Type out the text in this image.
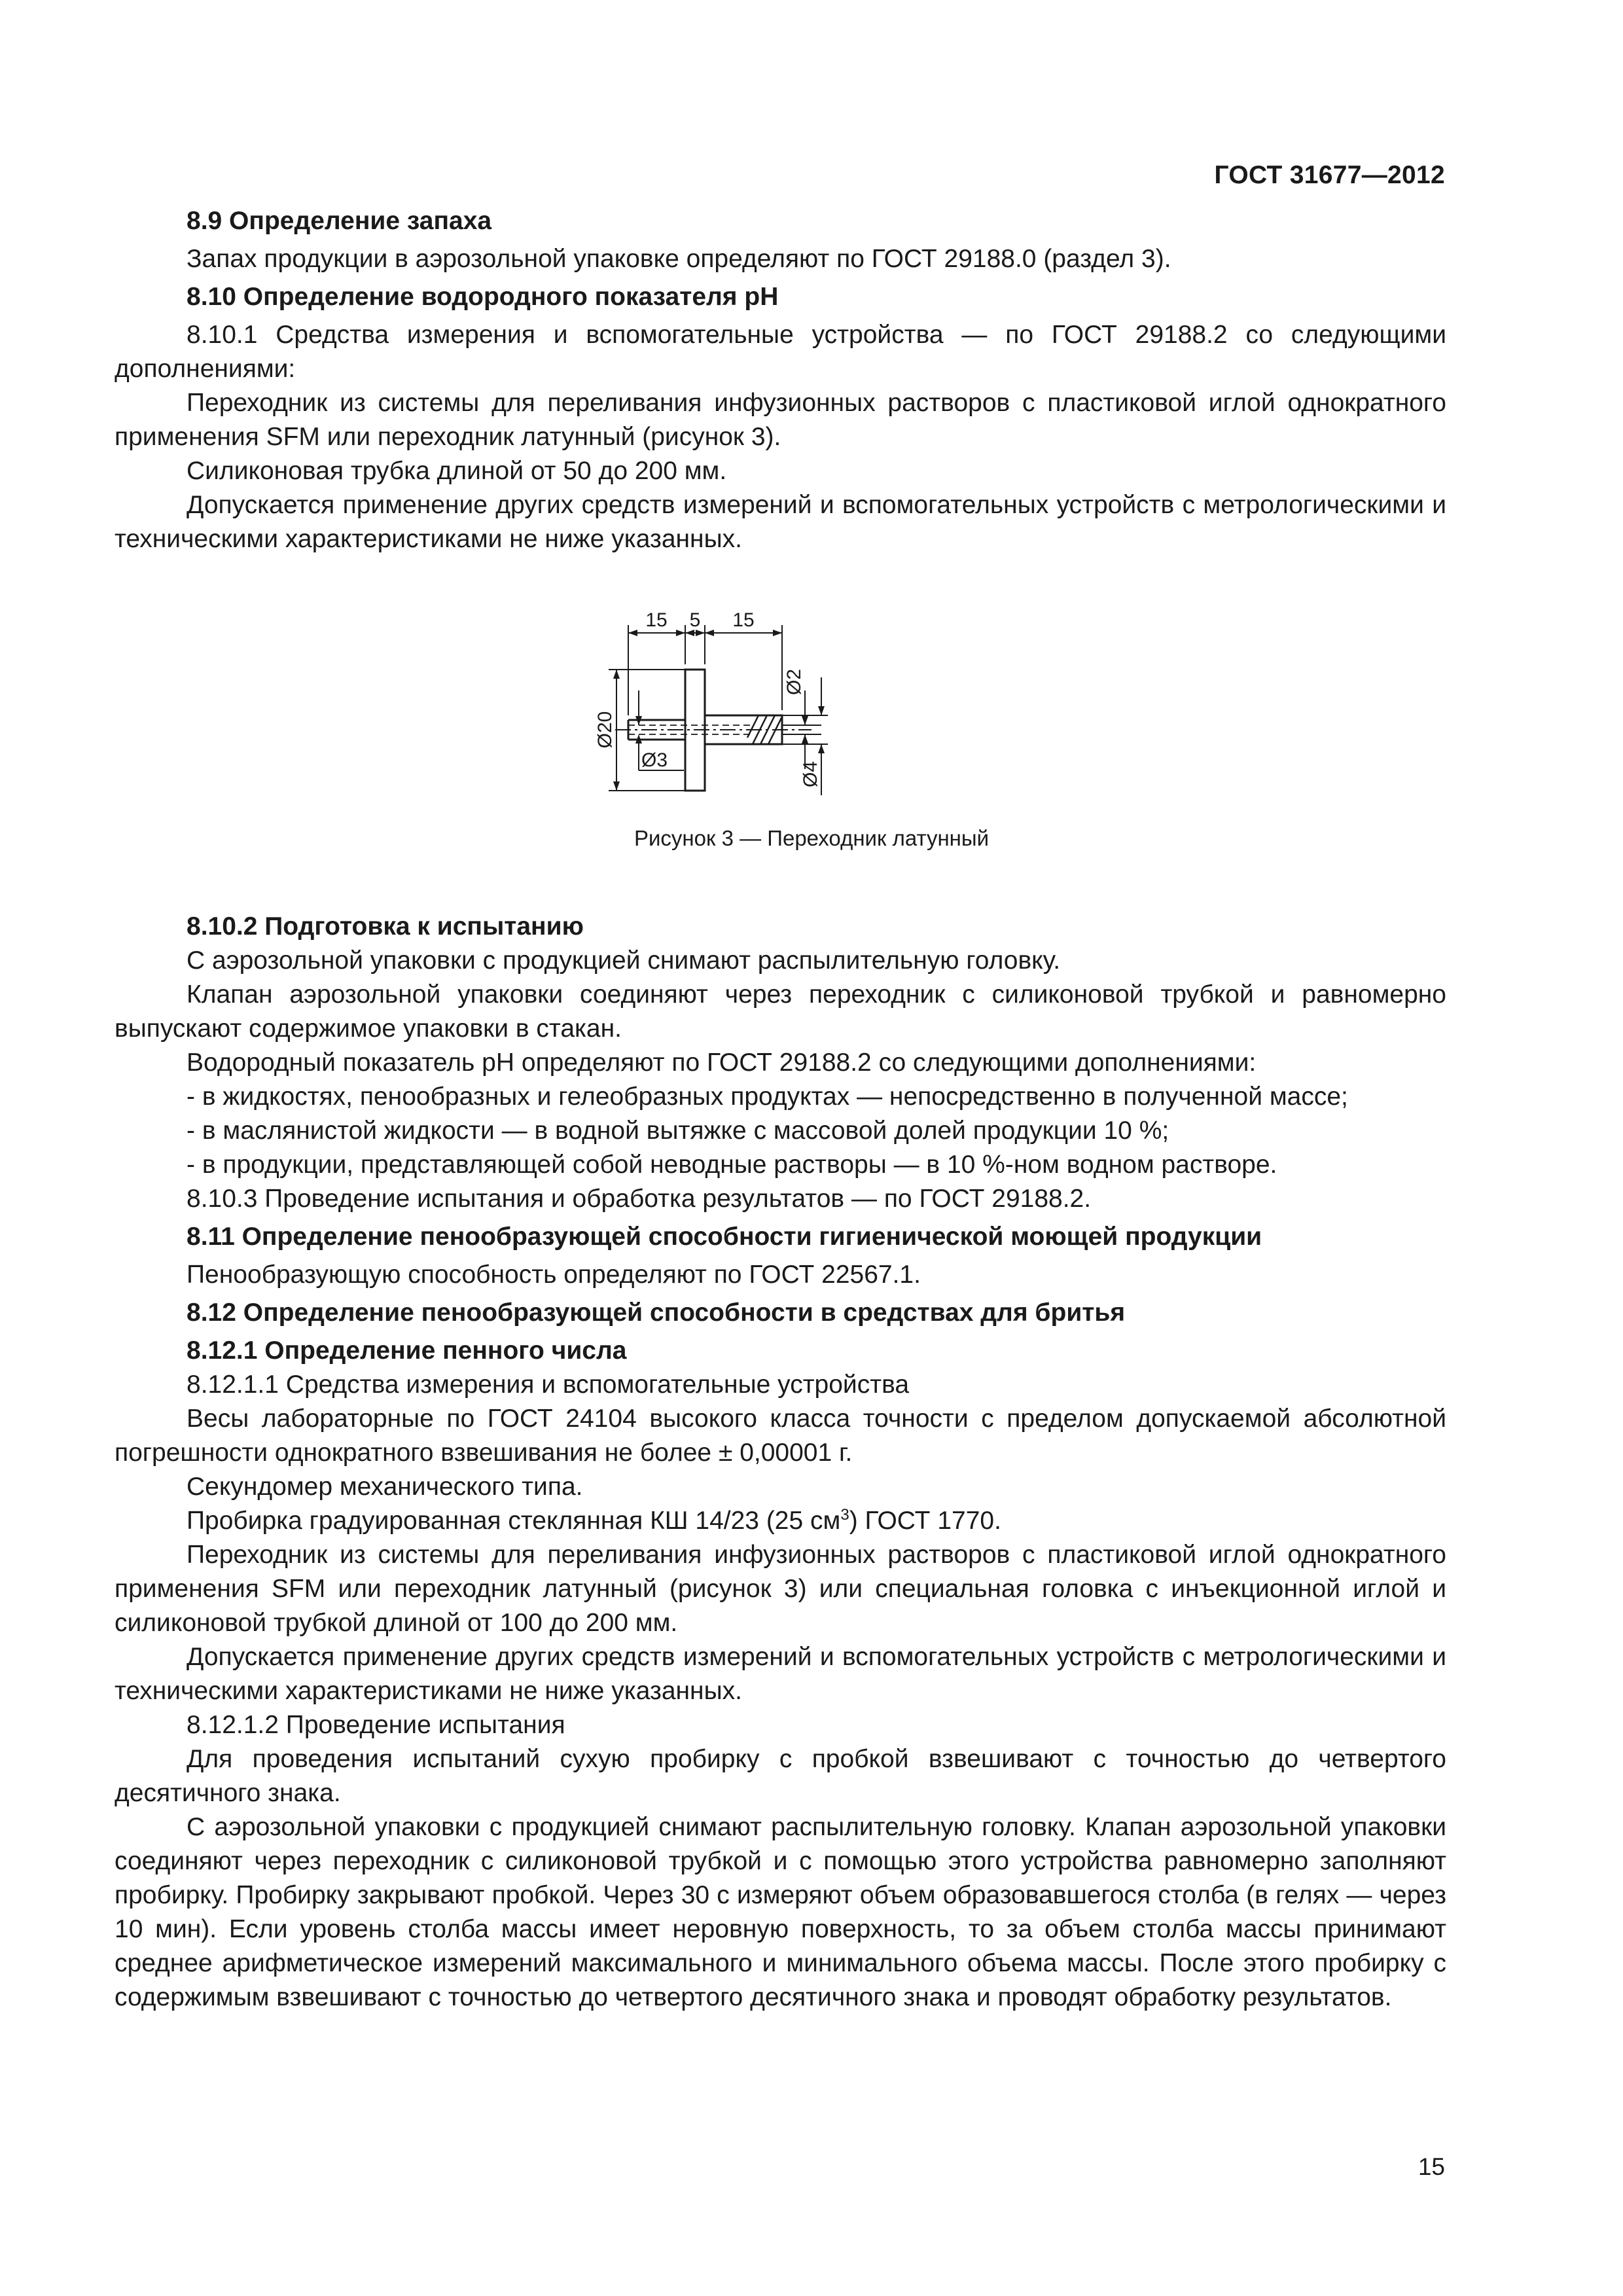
ГОСТ 31677—2012

8.9 Определение запаха

Запах продукции в аэрозольной упаковке определяют по ГОСТ 29188.0 (раздел 3).

8.10 Определение водородного показателя рН

8.10.1 Средства измерения и вспомогательные устройства — по ГОСТ 29188.2 со следующими дополнениями:

Переходник из системы для переливания инфузионных растворов с пластиковой иглой однократного применения SFM или переходник латунный (рисунок 3).

Силиконовая трубка длиной от 50 до 200 мм.

Допускается применение других средств измерений и вспомогательных устройств с метрологическими и техническими характеристиками не ниже указанных.

15 5 15
Ø20
Ø3
Ø2
Ø4
Рисунок 3 — Переходник латунный

8.10.2 Подготовка к испытанию

С аэрозольной упаковки с продукцией снимают распылительную головку.

Клапан аэрозольной упаковки соединяют через переходник с силиконовой трубкой и равномерно выпускают содержимое упаковки в стакан.

Водородный показатель рН определяют по ГОСТ 29188.2 со следующими дополнениями:

- в жидкостях, пенообразных и гелеобразных продуктах — непосредственно в полученной массе;

- в маслянистой жидкости — в водной вытяжке с массовой долей продукции 10 %;

- в продукции, представляющей собой неводные растворы — в 10 %-ном водном растворе.

8.10.3 Проведение испытания и обработка результатов — по ГОСТ 29188.2.

8.11 Определение пенообразующей способности гигиенической моющей продукции

Пенообразующую способность определяют по ГОСТ 22567.1.

8.12 Определение пенообразующей способности в средствах для бритья

8.12.1 Определение пенного числа

8.12.1.1 Средства измерения и вспомогательные устройства

Весы лабораторные по ГОСТ 24104 высокого класса точности с пределом допускаемой абсолютной погрешности однократного взвешивания не более ± 0,00001 г.

Секундомер механического типа.

Пробирка градуированная стеклянная КШ 14/23 (25 $см^3$) ГОСТ 1770.

Переходник из системы для переливания инфузионных растворов с пластиковой иглой однократного применения SFM или переходник латунный (рисунок 3) или специальная головка с инъекционной иглой и силиконовой трубкой длиной от 100 до 200 мм.

Допускается применение других средств измерений и вспомогательных устройств с метрологическими и техническими характеристиками не ниже указанных.

8.12.1.2 Проведение испытания

Для проведения испытаний сухую пробирку с пробкой взвешивают с точностью до четвертого десятичного знака.

С аэрозольной упаковки с продукцией снимают распылительную головку. Клапан аэрозольной упаковки соединяют через переходник с силиконовой трубкой и с помощью этого устройства равномерно заполняют пробирку. Пробирку закрывают пробкой. Через 30 с измеряют объем образовавшегося столба (в гелях — через 10 мин). Если уровень столба массы имеет неровную поверхность, то за объем столба массы принимают среднее арифметическое измерений максимального и минимального объема массы. После этого пробирку с содержимым взвешивают с точностью до четвертого десятичного знака и проводят обработку результатов.

15
